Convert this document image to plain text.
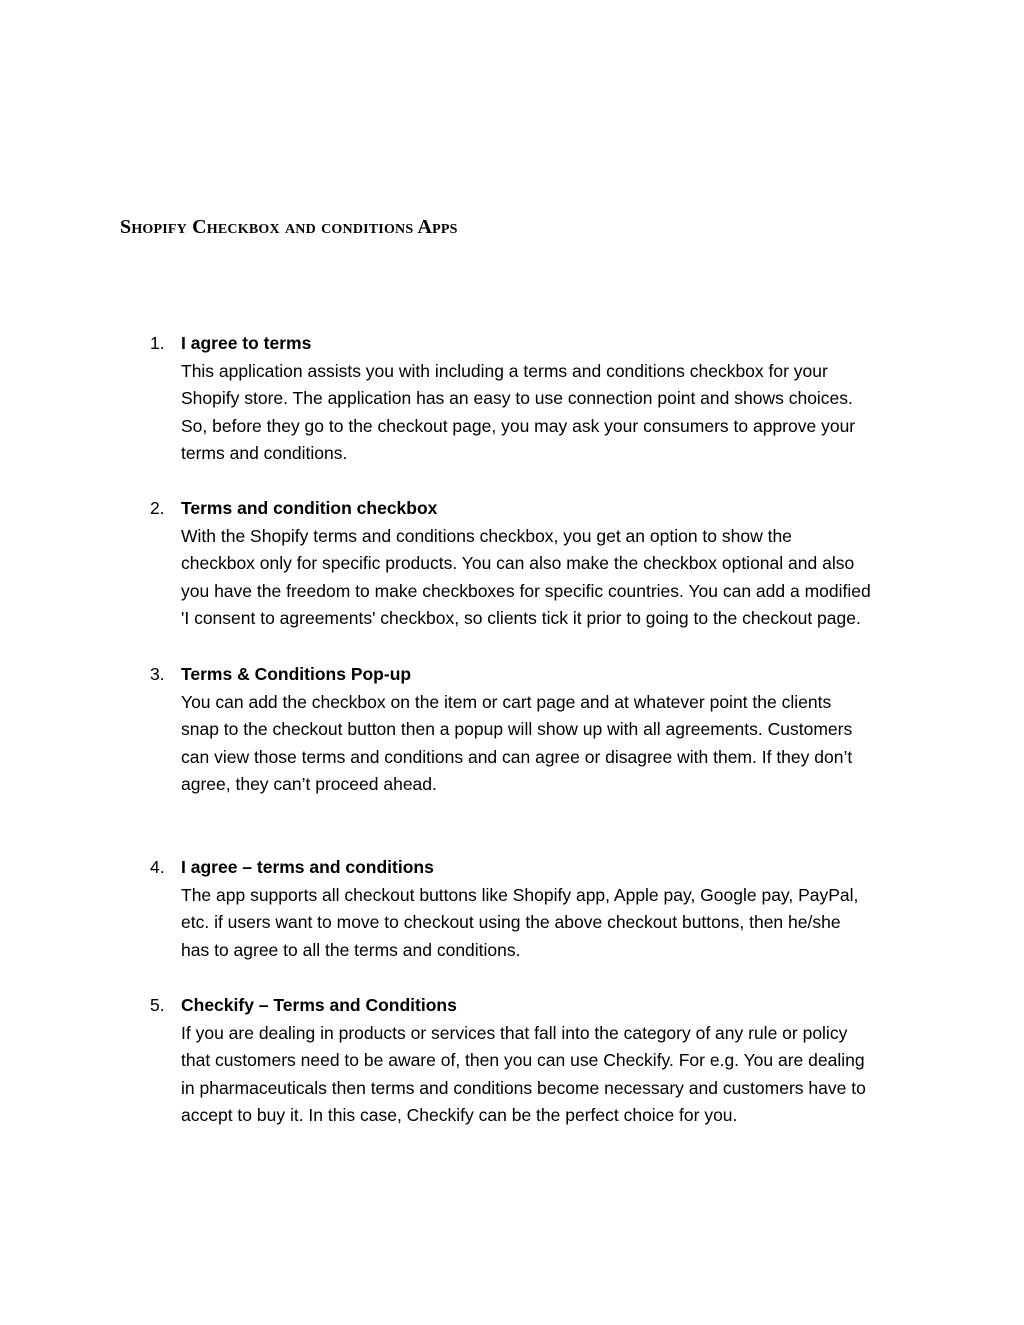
Shopify Checkbox and conditions Apps
1. I agree to terms
This application assists you with including a terms and conditions checkbox for your
Shopify store. The application has an easy to use connection point and shows choices.
So, before they go to the checkout page, you may ask your consumers to approve your
terms and conditions.
2. Terms and condition checkbox
With the Shopify terms and conditions checkbox, you get an option to show the
checkbox only for specific products. You can also make the checkbox optional and also
you have the freedom to make checkboxes for specific countries. You can add a modified
'I consent to agreements' checkbox, so clients tick it prior to going to the checkout page.
3. Terms & Conditions Pop-up
You can add the checkbox on the item or cart page and at whatever point the clients
snap to the checkout button then a popup will show up with all agreements. Customers
can view those terms and conditions and can agree or disagree with them. If they don’t
agree, they can’t proceed ahead.
4. I agree – terms and conditions
The app supports all checkout buttons like Shopify app, Apple pay, Google pay, PayPal,
etc. if users want to move to checkout using the above checkout buttons, then he/she
has to agree to all the terms and conditions.
5. Checkify – Terms and Conditions
If you are dealing in products or services that fall into the category of any rule or policy
that customers need to be aware of, then you can use Checkify. For e.g. You are dealing
in pharmaceuticals then terms and conditions become necessary and customers have to
accept to buy it. In this case, Checkify can be the perfect choice for you.
